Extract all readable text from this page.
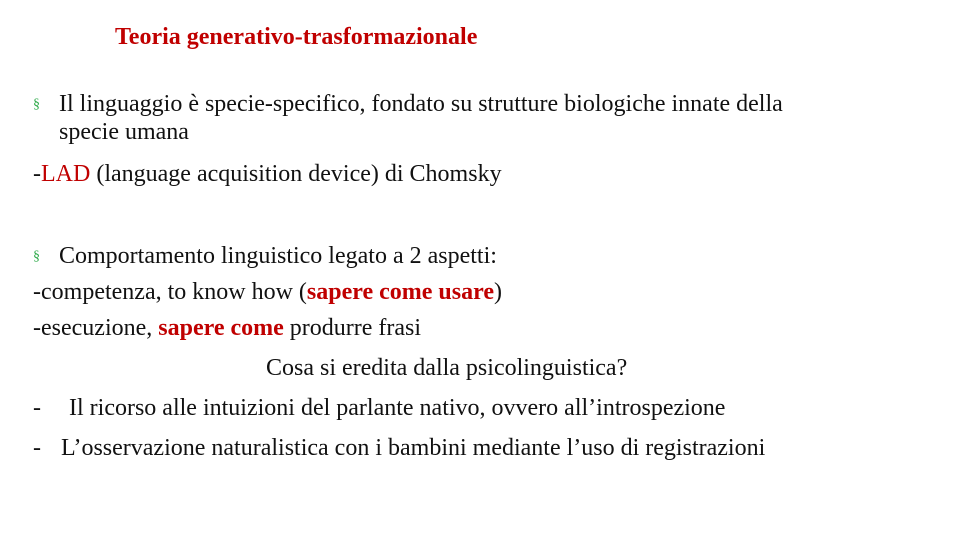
Teoria generativo-trasformazionale
§ Il linguaggio è specie-specifico, fondato su strutture biologiche innate della
specie umana
-LAD (language acquisition device) di Chomsky
§ Comportamento linguistico legato a 2 aspetti:
-competenza, to know how (sapere come usare)
-esecuzione, sapere come produrre frasi
Cosa si eredita dalla psicolinguistica?
- Il ricorso alle intuizioni del parlante nativo, ovvero all’introspezione
- L’osservazione naturalistica con i bambini mediante l’uso di registrazioni
